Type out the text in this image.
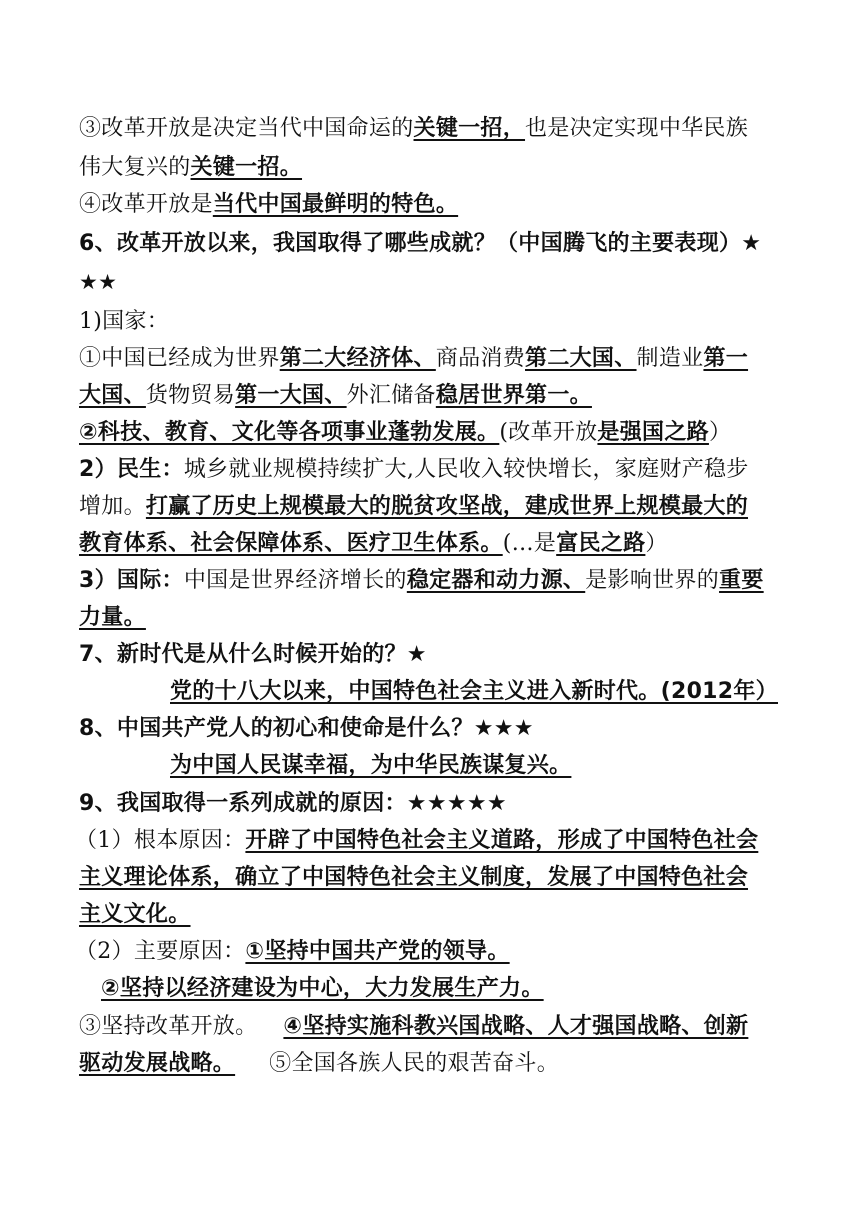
③改革开放是决定当代中国命运的关键一招，也是决定实现中华民族
伟大复兴的关键一招。
④改革开放是当代中国最鲜明的特色。
6、改革开放以来，我国取得了哪些成就？（中国腾飞的主要表现）★
★★
1)国家：
①中国已经成为世界第二大经济体、商品消费第二大国、制造业第一
大国、货物贸易第一大国、外汇储备稳居世界第一。
②科技、教育、文化等各项事业蓬勃发展。(改革开放是强国之路）
2）民生：城乡就业规模持续扩大,人民收入较快增长，家庭财产稳步
增加。打赢了历史上规模最大的脱贫攻坚战，建成世界上规模最大的
教育体系、社会保障体系、医疗卫生体系。(…是富民之路）
3）国际：中国是世界经济增长的稳定器和动力源、是影响世界的重要
力量。
7、新时代是从什么时候开始的？★
党的十八大以来，中国特色社会主义进入新时代。(2012年）
8、中国共产党人的初心和使命是什么？★★★
为中国人民谋幸福，为中华民族谋复兴。
9、我国取得一系列成就的原因：★★★★★
（1）根本原因：开辟了中国特色社会主义道路，形成了中国特色社会
主义理论体系，确立了中国特色社会主义制度，发展了中国特色社会
主义文化。
（2）主要原因：①坚持中国共产党的领导。
②坚持以经济建设为中心，大力发展生产力。
③坚持改革开放。 ④坚持实施科教兴国战略、人才强国战略、创新
驱动发展战略。 ⑤全国各族人民的艰苦奋斗。
